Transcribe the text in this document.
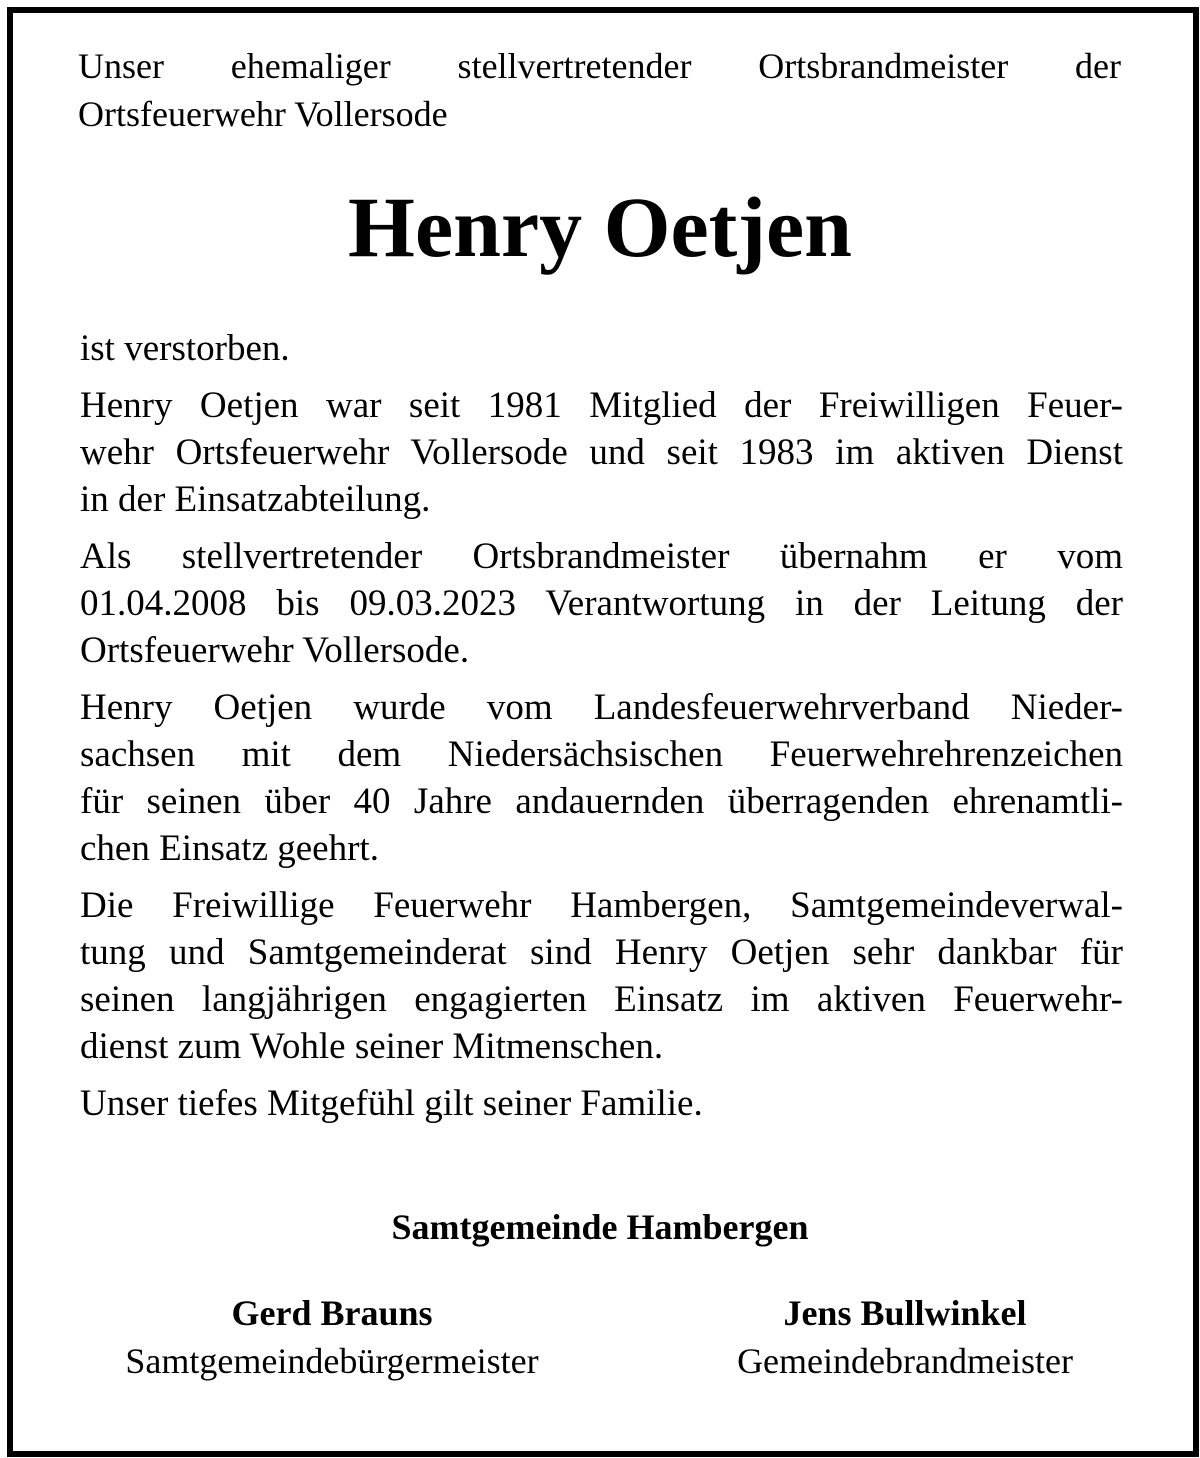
Unser ehemaliger stellvertretender Ortsbrandmeister der
Ortsfeuerwehr Vollersode

Henry Oetjen

ist verstorben.

Henry Oetjen war seit 1981 Mitglied der Freiwilligen Feuer-
wehr Ortsfeuerwehr Vollersode und seit 1983 im aktiven Dienst
in der Einsatzabteilung.

Als stellvertretender Ortsbrandmeister übernahm er vom
01.04.2008 bis 09.03.2023 Verantwortung in der Leitung der
Ortsfeuerwehr Vollersode.

Henry Oetjen wurde vom Landesfeuerwehrverband Nieder-
sachsen mit dem Niedersächsischen Feuerwehrehrenzeichen
für seinen über 40 Jahre andauernden überragenden ehrenamtli-
chen Einsatz geehrt.

Die Freiwillige Feuerwehr Hambergen, Samtgemeindeverwal-
tung und Samtgemeinderat sind Henry Oetjen sehr dankbar für
seinen langjährigen engagierten Einsatz im aktiven Feuerwehr-
dienst zum Wohle seiner Mitmenschen.

Unser tiefes Mitgefühl gilt seiner Familie.

Samtgemeinde Hambergen

Gerd Brauns
Samtgemeindebürgermeister
Jens Bullwinkel
Gemeindebrandmeister
